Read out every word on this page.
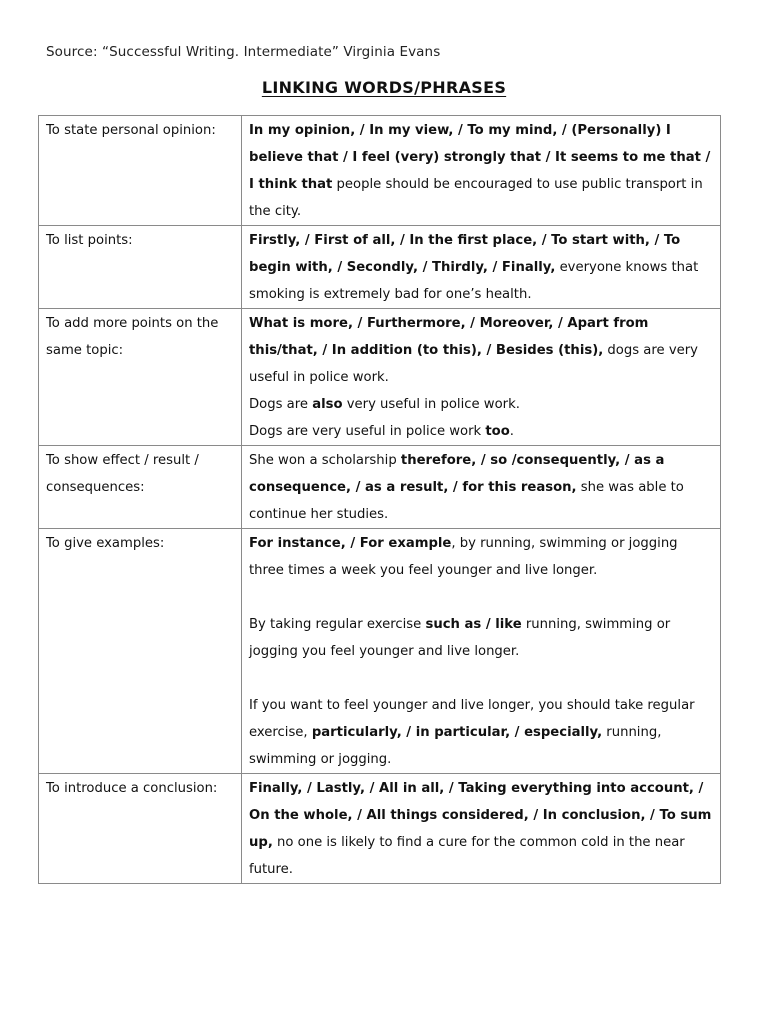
Source: “Successful Writing. Intermediate” Virginia Evans
LINKING WORDS/PHRASES
To state personal opinion:	In my opinion, / In my view, / To my mind, / (Personally) I believe that / I feel (very) strongly that / It seems to me that / I think that people should be encouraged to use public transport in the city.

To list points:	Firstly, / First of all, / In the first place, / To start with, / To begin with, / Secondly, / Thirdly, / Finally, everyone knows that smoking is extremely bad for one’s health.

To add more points on the same topic:	What is more, / Furthermore, / Moreover, / Apart from this/that, / In addition (to this), / Besides (this), dogs are very useful in police work.
Dogs are also very useful in police work.
Dogs are very useful in police work too.

To show effect / result / consequences:	She won a scholarship therefore, / so /consequently, / as a consequence, / as a result, / for this reason, she was able to continue her studies.

To give examples:	For instance, / For example, by running, swimming or jogging three times a week you feel younger and live longer.
By taking regular exercise such as / like running, swimming or jogging you feel younger and live longer.
If you want to feel younger and live longer, you should take regular exercise, particularly, / in particular, / especially, running, swimming or jogging.

To introduce a conclusion:	Finally, / Lastly, / All in all, / Taking everything into account, / On the whole, / All things considered, / In conclusion, / To sum up, no one is likely to find a cure for the common cold in the near future.
